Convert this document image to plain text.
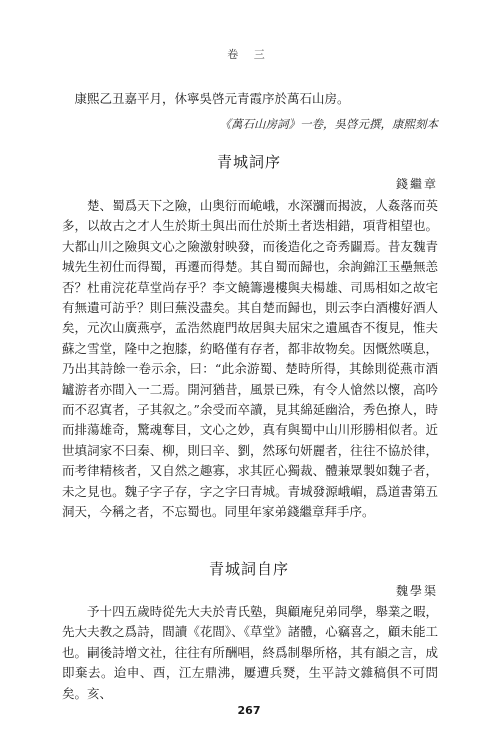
卷 三
康熙乙丑嘉平月，休寧吳啓元青霞序於萬石山房。
《萬石山房詞》一卷，吳啓元撰，康熙刻本
青城詞序
錢繼章

楚、蜀爲天下之險，山奥衍而峗峨，水深瀰而揭波，人姦落而英多，以故古之才人生於斯土與出而仕於斯土者迭相錯，項背相望也。大都山川之險與文心之險激射映發，而後造化之奇秀闢焉。昔友魏青城先生初仕而得蜀，再遷而得楚。其自蜀而歸也，余詢錦江玉壘無恙否？杜甫浣花草堂尚存乎？李文饒籌邊樓與夫楊雄、司馬相如之故宅有無遺可訪乎？則曰蕪没盡矣。其自楚而歸也，則云李白酒樓好酒人矣，元次山廣燕亭，孟浩然鹿門故居與夫屈宋之遺風杳不復見，惟夫蘇之雪堂，隆中之抱膝，約略僅有存者，都非故物矣。因慨然嘆息，乃出其詩餘一卷示余，曰：“此余游蜀、楚時所得，其餘則從燕市酒罏游者亦間入一二焉。開河猶昔，風景已殊，有令人愴然以懷，高吟而不忍寘者，子其叙之。”余受而卒讀，見其綿延幽洽，秀色撩人，時而排蕩雄奇，驚魂奪目，文心之妙，真有與蜀中山川形勝相似者。近世填詞家不曰秦、柳，則曰辛、劉，然琢句妍麗者，往往不協於律，而考律精核者，又自然之趣寡，求其匠心獨裁、體兼眾製如魏子者，未之見也。魏子字子存，字之字曰青城。青城發源峨嵋，爲道書第五洞天，今稱之者，不忘蜀也。同里年家弟錢繼章拜手序。

青城詞自序
魏學渠

予十四五歲時從先大夫於青氏塾，與顧庵兒弟同學，舉業之暇，先大夫教之爲詩，間讀《花間》、《草堂》諸體，心竊喜之，顧未能工也。嗣後詩增文社，往往有所酬唱，終爲制舉所格，其有韻之言，成即棄去。迨申、酉，江左鼎沸，屢遭兵燹，生平詩文雜稿俱不可問矣。亥、

267
